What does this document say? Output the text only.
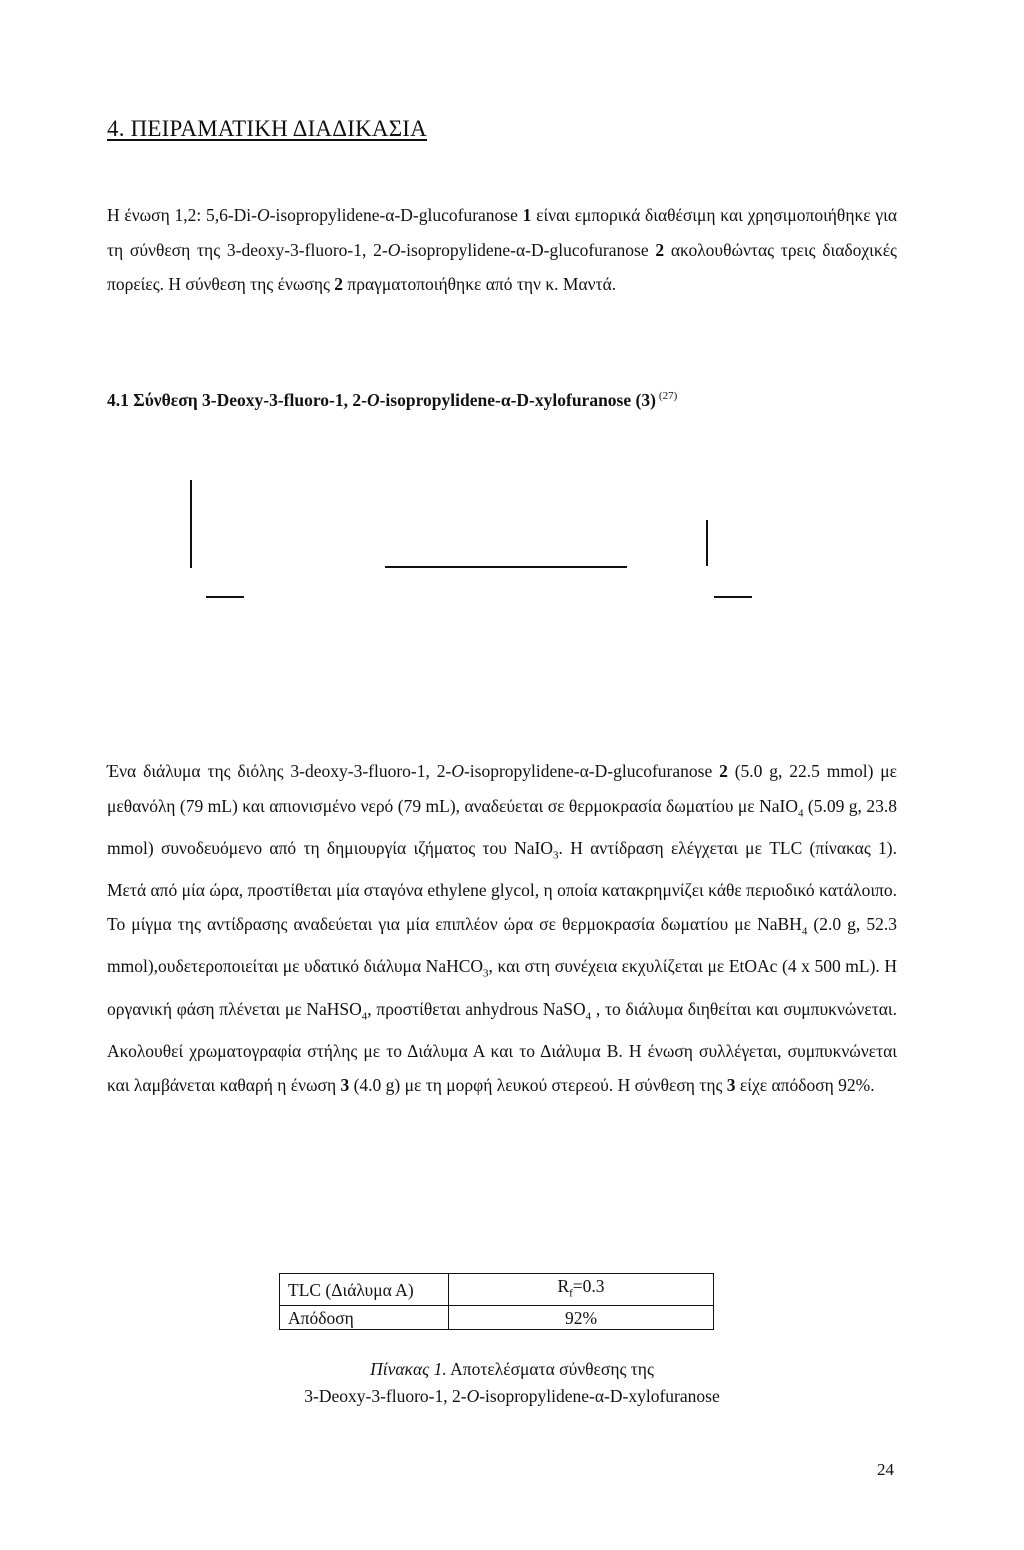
4. ΠΕΙΡΑΜΑΤΙΚΗ ΔΙΑΔΙΚΑΣΙΑ

Η ένωση 1,2: 5,6-Di-O-isopropylidene-α-D-glucofuranose 1 είναι εμπορικά διαθέσιμη και χρησιμοποιήθηκε για τη σύνθεση της 3-deoxy-3-fluoro-1, 2-O-isopropylidene-α-D-glucofuranose 2 ακολουθώντας τρεις διαδοχικές πορείες. Η σύνθεση της ένωσης 2 πραγματοποιήθηκε από την κ. Μαντά.

4.1 Σύνθεση 3-Deoxy-3-fluoro-1, 2-O-isopropylidene-α-D-xylofuranose (3) $^{(27)}$

Ένα διάλυμα της διόλης 3-deoxy-3-fluoro-1, 2-O-isopropylidene-α-D-glucofuranose 2 (5.0 g, 22.5 mmol) με μεθανόλη (79 mL) και απιονισμένο νερό (79 mL), αναδεύεται σε θερμοκρασία δωματίου με NaIO$_4$ (5.09 g, 23.8 mmol) συνοδευόμενο από τη δημιουργία ιζήματος του NaIO$_3$. Η αντίδραση ελέγχεται με TLC (πίνακας 1). Μετά από μία ώρα, προστίθεται μία σταγόνα ethylene glycol, η οποία κατακρημνίζει κάθε περιοδικό κατάλοιπο. Το μίγμα της αντίδρασης αναδεύεται για μία επιπλέον ώρα σε θερμοκρασία δωματίου με NaBH$_4$ (2.0 g, 52.3 mmol),ουδετεροποιείται με υδατικό διάλυμα NaHCO$_3$, και στη συνέχεια εκχυλίζεται με EtOAc (4 x 500 mL). Η οργανική φάση πλένεται με NaHSO$_4$, προστίθεται anhydrous NaSO$_4$ , το διάλυμα διηθείται και συμπυκνώνεται. Ακολουθεί χρωματογραφία στήλης με το Διάλυμα Α και το Διάλυμα Β. Η ένωση συλλέγεται, συμπυκνώνεται και λαμβάνεται καθαρή η ένωση 3 (4.0 g) με τη μορφή λευκού στερεού. Η σύνθεση της 3 είχε απόδοση 92%.

TLC (Διάλυμα Α)	$R_f=0.3$
Απόδοση	92%

Πίνακας 1. Αποτελέσματα σύνθεσης της
3-Deoxy-3-fluoro-1, 2-O-isopropylidene-α-D-xylofuranose

24
